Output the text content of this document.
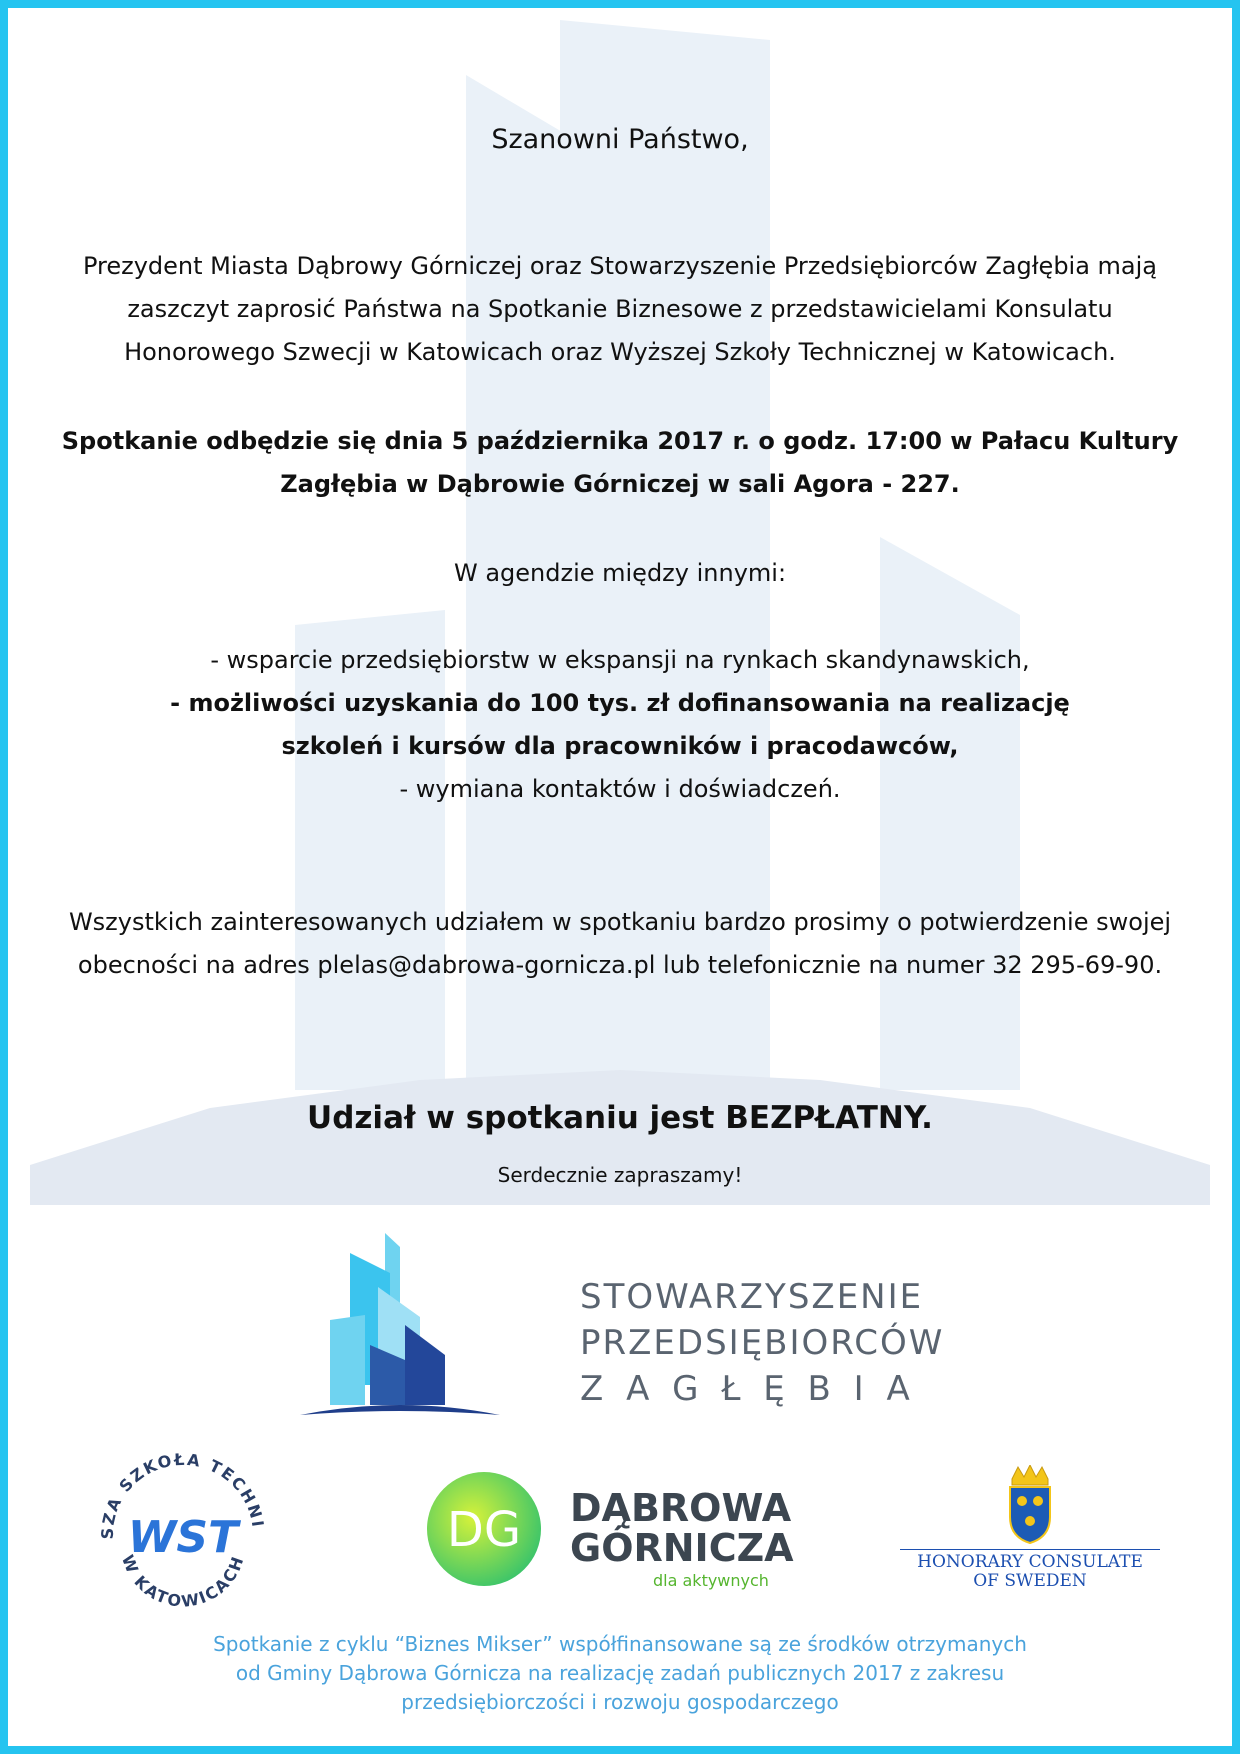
Szanowni Państwo,
Prezydent Miasta Dąbrowy Górniczej oraz Stowarzyszenie Przedsiębiorców Zagłębia mają
zaszczyt zaprosić Państwa na Spotkanie Biznesowe z przedstawicielami Konsulatu
Honorowego Szwecji w Katowicach oraz Wyższej Szkoły Technicznej w Katowicach.
Spotkanie odbędzie się dnia 5 października 2017 r. o godz. 17:00 w Pałacu Kultury
Zagłębia w Dąbrowie Górniczej w sali Agora - 227.
W agendzie między innymi:
- wsparcie przedsiębiorstw w ekspansji na rynkach skandynawskich,
- możliwości uzyskania do 100 tys. zł dofinansowania na realizację
szkoleń i kursów dla pracowników i pracodawców,
- wymiana kontaktów i doświadczeń.
Wszystkich zainteresowanych udziałem w spotkaniu bardzo prosimy o potwierdzenie swojej
obecności na adres plelas@dabrowa-gornicza.pl lub telefonicznie na numer 32 295-69-90.
Udział w spotkaniu jest BEZPŁATNY.
Serdecznie zapraszamy!
STOWARZYSZENIE
PRZEDSIĘBIORCÓW
Z A G Ł Ę B I A
SZA SZKOŁA TECHNI
W KATOWICACH
WST	DG DĄBROWA
GÓRNICZA
dla aktywnych
HONORARY CONSULATE
OF SWEDEN
Spotkanie z cyklu “Biznes Mikser” współfinansowane są ze środków otrzymanych
od Gminy Dąbrowa Górnicza na realizację zadań publicznych 2017 z zakresu
przedsiębiorczości i rozwoju gospodarczego
